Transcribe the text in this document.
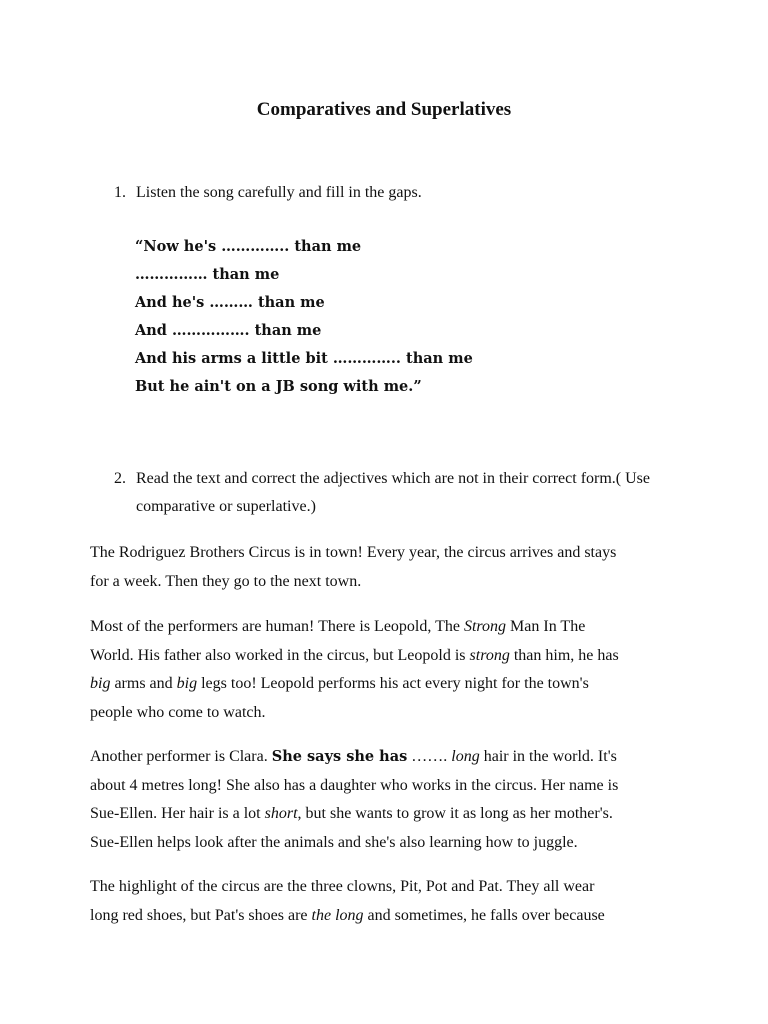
Comparatives and Superlatives
1. Listen the song carefully and fill in the gaps.
“Now he's ………….. than me
…………… than me
And he's ……… than me
And ……………. than me
And his arms a little bit ………….. than me
But he ain't on a JB song with me.”
2. Read the text and correct the adjectives which are not in their correct form.( Use comparative or superlative.)
The Rodriguez Brothers Circus is in town! Every year, the circus arrives and stays
for a week. Then they go to the next town.
Most of the performers are human! There is Leopold, The Strong Man In The
World. His father also worked in the circus, but Leopold is strong than him, he has
big arms and big legs too! Leopold performs his act every night for the town's
people who come to watch.
Another performer is Clara. She says she has ……. long hair in the world. It's
about 4 metres long! She also has a daughter who works in the circus. Her name is
Sue-Ellen. Her hair is a lot short, but she wants to grow it as long as her mother's.
Sue-Ellen helps look after the animals and she's also learning how to juggle.
The highlight of the circus are the three clowns, Pit, Pot and Pat. They all wear
long red shoes, but Pat's shoes are the long and sometimes, he falls over because
